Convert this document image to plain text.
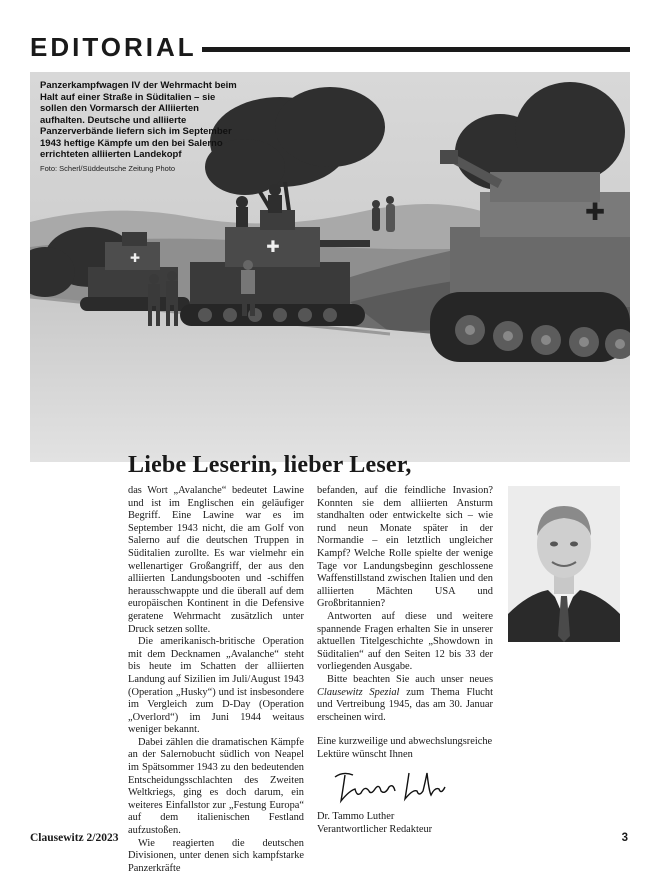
EDITORIAL
✚
✚
✚
Panzerkampfwagen IV der Wehrmacht beim Halt auf einer Straße in Süditalien – sie sollen den Vormarsch der Alliierten aufhalten. Deutsche und alliierte Panzerverbände liefern sich im September 1943 heftige Kämpfe um den bei Salerno errichteten alliierten Landekopf
Foto: Scherl/Süddeutsche Zeitung Photo
Liebe Leserin, lieber Leser,

das Wort „Avalanche“ bedeutet Lawine und ist im Englischen ein geläufiger Begriff. Eine Lawine war es im September 1943 nicht, die am Golf von Salerno auf die deutschen Truppen in Süditalien zurollte. Es war vielmehr ein wellenartiger Großangriff, der aus den alliierten Landungsbooten und -schiffen herausschwappte und die überall auf dem europäischen Kontinent in die Defensive geratene Wehrmacht zusätzlich unter Druck setzen sollte.

Die amerikanisch-britische Operation mit dem Decknamen „Avalanche“ steht bis heute im Schatten der alliierten Landung auf Sizilien im Juli/August 1943 (Operation „Husky“) und ist insbesondere im Vergleich zum D-Day (Operation „Overlord“) im Juni 1944 weitaus weniger bekannt.

Dabei zählen die dramatischen Kämpfe an der Salernobucht südlich von Neapel im Spätsommer 1943 zu den bedeutenden Entscheidungsschlachten des Zweiten Weltkriegs, ging es doch darum, ein weiteres Einfallstor zur „Festung Europa“ auf dem italienischen Festland aufzustoßen.

Wie reagierten die deutschen Divisionen, unter denen sich kampfstarke Panzerkräfte

befanden, auf die feindliche Invasion? Konnten sie dem alliierten Ansturm standhalten oder entwickelte sich – wie rund neun Monate später in der Normandie – ein letztlich ungleicher Kampf? Welche Rolle spielte der wenige Tage vor Landungsbeginn geschlossene Waffenstillstand zwischen Italien und den alliierten Mächten USA und Großbritannien?

Antworten auf diese und weitere spannende Fragen erhalten Sie in unserer aktuellen Titelgeschichte „Showdown in Süditalien“ auf den Seiten 12 bis 33 der vorliegenden Ausgabe.

Bitte beachten Sie auch unser neues Clausewitz Spezial zum Thema Flucht und Vertreibung 1945, das am 30. Januar erscheinen wird.

Eine kurzweilige und abwechslungsreiche Lektüre wünscht Ihnen

Dr. Tammo Luther

Verantwortlicher Redakteur

Clausewitz 2/2023	3
